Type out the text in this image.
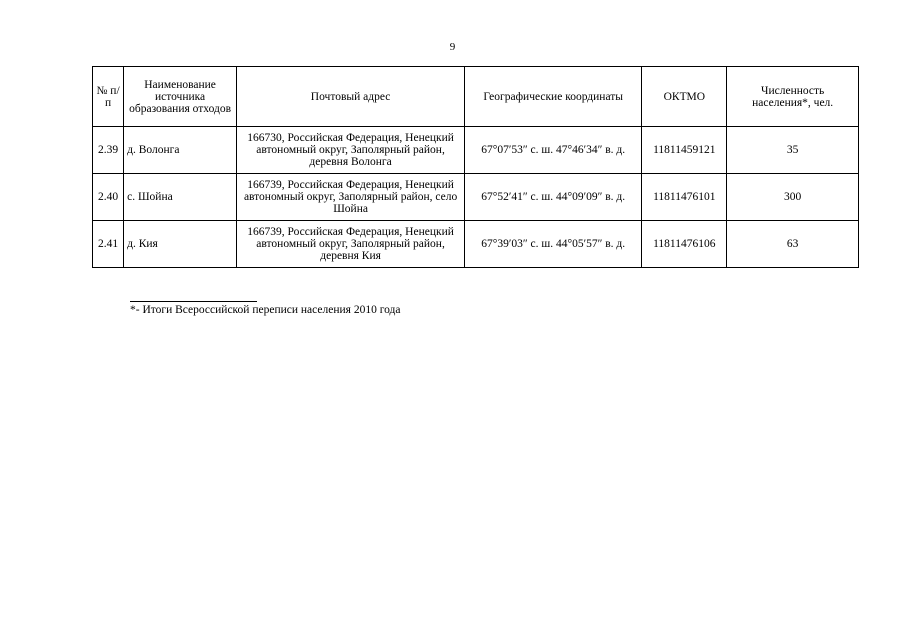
9
№ п/п	Наименование источника образования отходов	Почтовый адрес	Географические координаты	ОКТМО	Численность населения*, чел.
2.39	д. Волонга	166730, Российская Федерация, Ненецкий автономный округ, Заполярный район, деревня Волонга	67°07′53″ с. ш. 47°46′34″ в. д.	11811459121	35
2.40	с. Шойна	166739, Российская Федерация, Ненецкий автономный округ, Заполярный район, село Шойна	67°52′41″ с. ш. 44°09′09″ в. д.	11811476101	300
2.41	д. Кия	166739, Российская Федерация, Ненецкий автономный округ, Заполярный район, деревня Кия	67°39′03″ с. ш. 44°05′57″ в. д.	11811476106	63
*- Итоги Всероссийской переписи населения 2010 года
